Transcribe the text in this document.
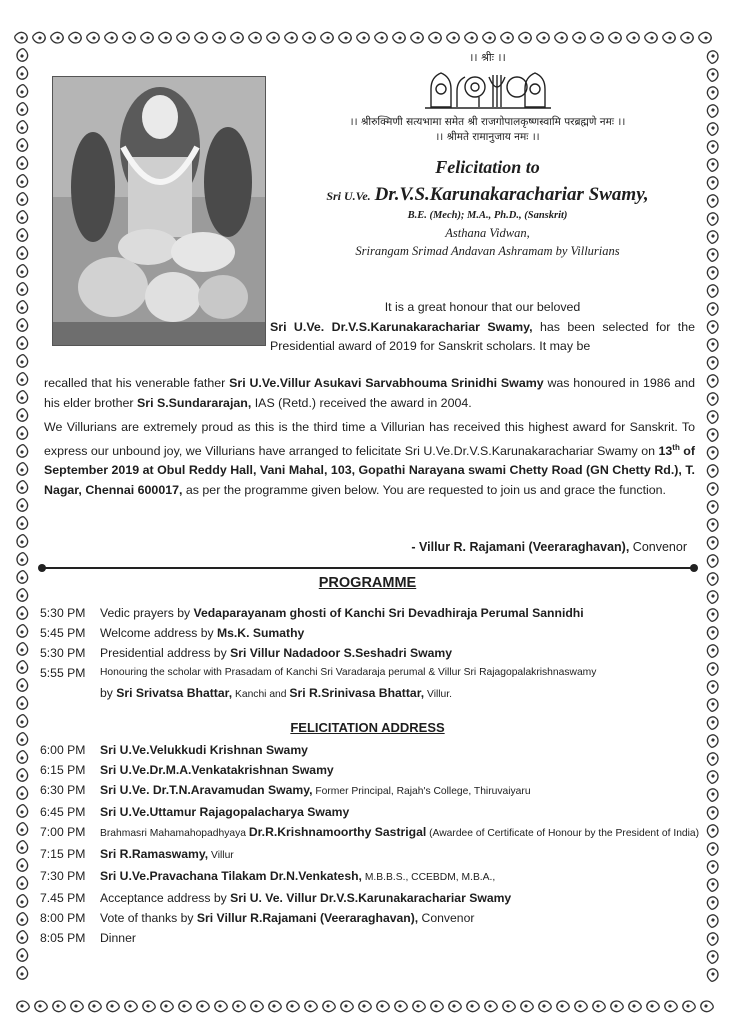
।। श्रीः ।।
।। श्रीरुक्मिणी सत्यभामा समेत श्री राजगोपालकृष्णस्वामि परब्रह्मणे नमः ।।
।। श्रीमते रामानुजाय नमः ।।
Felicitation to
Sri U.Ve. Dr.V.S.Karunakarachariar Swamy,
B.E. (Mech); M.A., Ph.D., (Sanskrit)
Asthana Vidwan,
Srirangam Srimad Andavan Ashramam by Villurians
It is a great honour that our beloved
Sri U.Ve. Dr.V.S.Karunakarachariar Swamy, has been selected for the Presidential award of 2019 for Sanskrit scholars. It may be
recalled that his venerable father Sri U.Ve.Villur Asukavi Sarvabhouma Srinidhi Swamy was honoured in 1986 and his elder brother Sri S.Sundararajan, IAS (Retd.) received the award in 2004.
We Villurians are extremely proud as this is the third time a Villurian has received this highest award for Sanskrit. To express our unbound joy, we Villurians have arranged to felicitate Sri U.Ve.Dr.V.S.Karunakarachariar Swamy on 13th of September 2019 at Obul Reddy Hall, Vani Mahal, 103, Gopathi Narayana swami Chetty Road (GN Chetty Rd.), T. Nagar, Chennai 600017, as per the programme given below. You are requested to join us and grace the function.
- Villur R. Rajamani (Veeraraghavan), Convenor
PROGRAMME
5:30 PM	Vedic prayers by Vedaparayanam ghosti of Kanchi Sri Devadhiraja Perumal Sannidhi
5:45 PM	Welcome address by Ms.K. Sumathy
5:30 PM	Presidential address by Sri Villur Nadadoor S.Seshadri Swamy
5:55 PM	Honouring the scholar with Prasadam of Kanchi Sri Varadaraja perumal & Villur Sri Rajagopalakrishnaswamy
by Sri Srivatsa Bhattar, Kanchi and Sri R.Srinivasa Bhattar, Villur.
FELICITATION ADDRESS
6:00 PM	Sri U.Ve.Velukkudi Krishnan Swamy
6:15 PM	Sri U.Ve.Dr.M.A.Venkatakrishnan Swamy
6:30 PM	Sri U.Ve. Dr.T.N.Aravamudan Swamy, Former Principal, Rajah's College, Thiruvaiyaru
6:45 PM	Sri U.Ve.Uttamur Rajagopalacharya Swamy
7:00 PM	Brahmasri Mahamahopadhyaya Dr.R.Krishnamoorthy Sastrigal (Awardee of Certificate of Honour by the President of India)
7:15 PM	Sri R.Ramaswamy, Villur
7:30 PM	Sri U.Ve.Pravachana Tilakam Dr.N.Venkatesh, M.B.B.S., CCEBDM, M.B.A.,
7.45 PM	Acceptance address by Sri U. Ve. Villur Dr.V.S.Karunakarachariar Swamy
8:00 PM	Vote of thanks by Sri Villur R.Rajamani (Veeraraghavan), Convenor
8:05 PM	Dinner
